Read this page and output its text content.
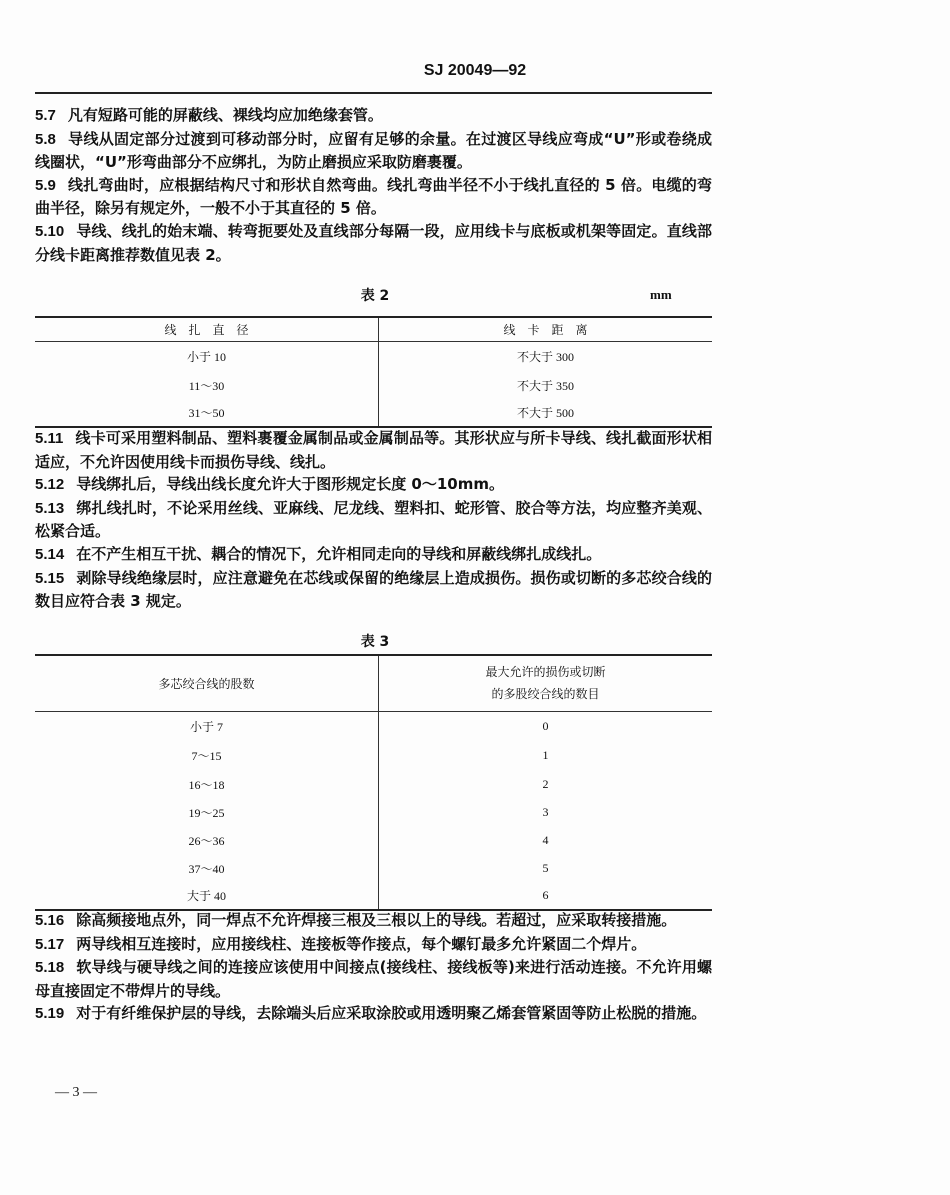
SJ 20049—92

5.7 凡有短路可能的屏蔽线、裸线均应加绝缘套管。

5.8 导线从固定部分过渡到可移动部分时，应留有足够的余量。在过渡区导线应弯成“U”形或卷绕成线圈状，“U”形弯曲部分不应绑扎，为防止磨损应采取防磨裹覆。

5.9 线扎弯曲时，应根据结构尺寸和形状自然弯曲。线扎弯曲半径不小于线扎直径的 5 倍。电缆的弯曲半径，除另有规定外，一般不小于其直径的 5 倍。

5.10 导线、线扎的始末端、转弯扼要处及直线部分每隔一段，应用线卡与底板或机架等固定。直线部分线卡距离推荐数值见表 2。

表 2	mm
线　扎　直　径	线　卡　距　离
小于 10	不大于 300
11～30	不大于 350
31～50	不大于 500

5.11 线卡可采用塑料制品、塑料裹覆金属制品或金属制品等。其形状应与所卡导线、线扎截面形状相适应，不允许因使用线卡而损伤导线、线扎。

5.12 导线绑扎后，导线出线长度允许大于图形规定长度 0～10mm。

5.13 绑扎线扎时，不论采用丝线、亚麻线、尼龙线、塑料扣、蛇形管、胶合等方法，均应整齐美观、松紧合适。

5.14 在不产生相互干扰、耦合的情况下，允许相同走向的导线和屏蔽线绑扎成线扎。

5.15 剥除导线绝缘层时，应注意避免在芯线或保留的绝缘层上造成损伤。损伤或切断的多芯绞合线的数目应符合表 3 规定。

表 3
多芯绞合线的股数	最大允许的损伤或切断
的多股绞合线的数目

小于 7	0
7～15	1
16～18	2
19～25	3
26～36	4
37～40	5
大于 40	6

5.16 除高频接地点外，同一焊点不允许焊接三根及三根以上的导线。若超过，应采取转接措施。

5.17 两导线相互连接时，应用接线柱、连接板等作接点，每个螺钉最多允许紧固二个焊片。

5.18 软导线与硬导线之间的连接应该使用中间接点(接线柱、接线板等)来进行活动连接。不允许用螺母直接固定不带焊片的导线。

5.19 对于有纤维保护层的导线，去除端头后应采取涂胶或用透明聚乙烯套管紧固等防止松脱的措施。

— 3 —
